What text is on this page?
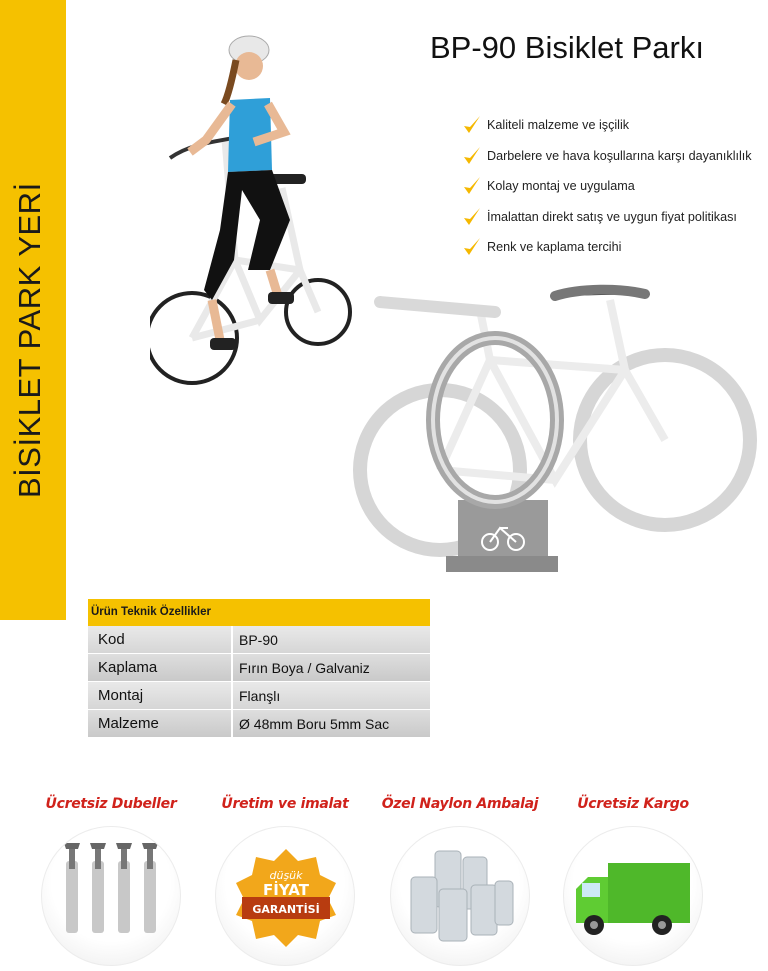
BİSİKLET PARK YERİ
BP-90 Bisiklet Parkı
Kaliteli malzeme ve işçilik
Darbelere ve hava koşullarına karşı dayanıklılık
Kolay montaj ve uygulama
İmalattan direkt satış ve uygun fiyat politikası
Renk ve kaplama tercihi
Ürün Teknik Özellikler
Kod	BP-90
Kaplama	Fırın Boya / Galvaniz
Montaj	Flanşlı
Malzeme	Ø 48mm Boru 5mm Sac
Ücretsiz Dubeller	Üretim ve imalat
düşük
FİYAT
GARANTİSİ
Özel Naylon Ambalaj	Ücretsiz Kargo
